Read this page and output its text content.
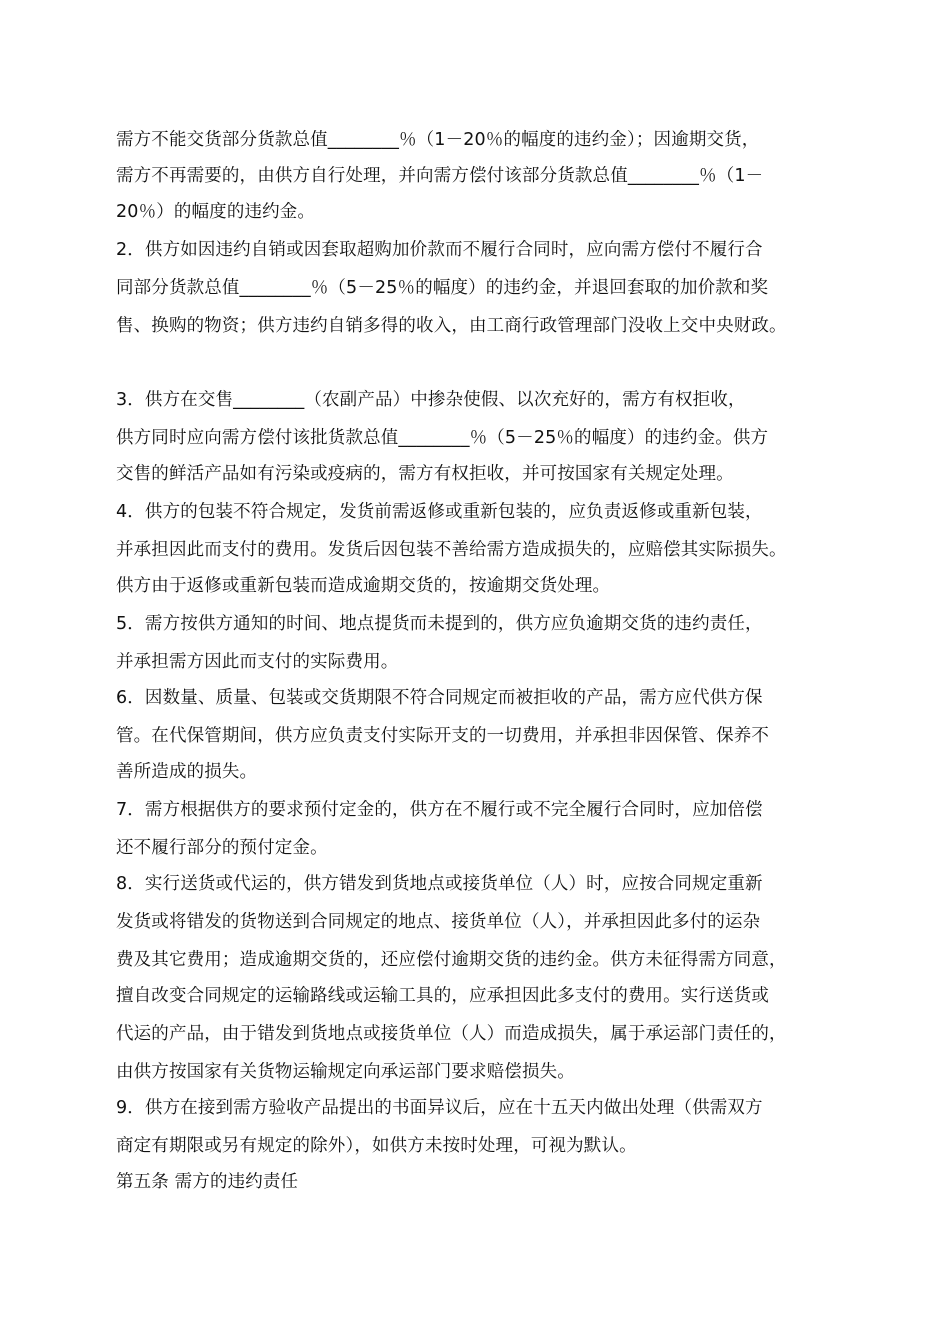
需方不能交货部分货款总值________％（1－20％的幅度的违约金）；因逾期交货，
需方不再需要的，由供方自行处理，并向需方偿付该部分货款总值________％（1－
20％）的幅度的违约金。
2．供方如因违约自销或因套取超购加价款而不履行合同时，应向需方偿付不履行合
同部分货款总值________％（5－25％的幅度）的违约金，并退回套取的加价款和奖
售、换购的物资；供方违约自销多得的收入，由工商行政管理部门没收上交中央财政。
3．供方在交售________（农副产品）中掺杂使假、以次充好的，需方有权拒收，
供方同时应向需方偿付该批货款总值________％（5－25％的幅度）的违约金。供方
交售的鲜活产品如有污染或疫病的，需方有权拒收，并可按国家有关规定处理。
4．供方的包装不符合规定，发货前需返修或重新包装的，应负责返修或重新包装，
并承担因此而支付的费用。发货后因包装不善给需方造成损失的，应赔偿其实际损失。
供方由于返修或重新包装而造成逾期交货的，按逾期交货处理。
5．需方按供方通知的时间、地点提货而未提到的，供方应负逾期交货的违约责任，
并承担需方因此而支付的实际费用。
6．因数量、质量、包装或交货期限不符合同规定而被拒收的产品，需方应代供方保
管。在代保管期间，供方应负责支付实际开支的一切费用，并承担非因保管、保养不
善所造成的损失。
7．需方根据供方的要求预付定金的，供方在不履行或不完全履行合同时，应加倍偿
还不履行部分的预付定金。
8．实行送货或代运的，供方错发到货地点或接货单位（人）时，应按合同规定重新
发货或将错发的货物送到合同规定的地点、接货单位（人），并承担因此多付的运杂
费及其它费用；造成逾期交货的，还应偿付逾期交货的违约金。供方未征得需方同意，
擅自改变合同规定的运输路线或运输工具的，应承担因此多支付的费用。实行送货或
代运的产品，由于错发到货地点或接货单位（人）而造成损失，属于承运部门责任的，
由供方按国家有关货物运输规定向承运部门要求赔偿损失。
9．供方在接到需方验收产品提出的书面异议后，应在十五天内做出处理（供需双方
商定有期限或另有规定的除外），如供方未按时处理，可视为默认。
第五条 需方的违约责任
